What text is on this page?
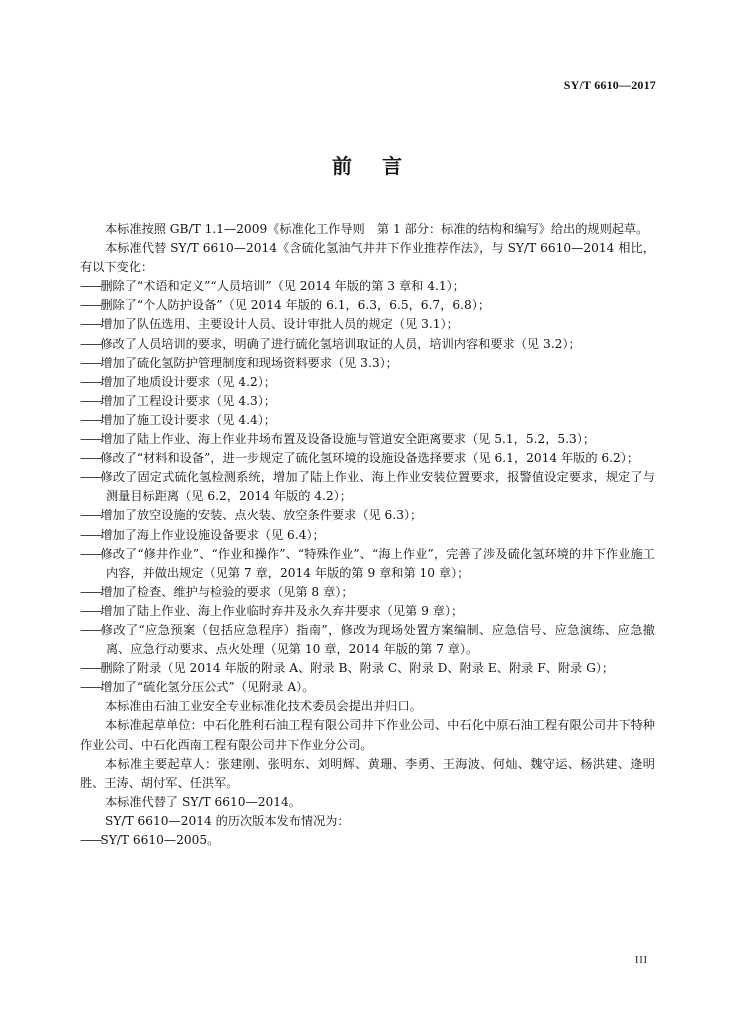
SY/T 6610—2017
前言

本标准按照 GB/T 1.1—2009《标准化工作导则　第 1 部分：标准的结构和编写》给出的规则起草。

本标准代替 SY/T 6610—2014《含硫化氢油气井井下作业推荐作法》，与 SY/T 6610—2014 相比，有以下变化：

——删除了“术语和定义”“人员培训”（见 2014 年版的第 3 章和 4.1）；

——删除了“个人防护设备”（见 2014 年版的 6.1，6.3，6.5，6.7，6.8）；

——增加了队伍选用、主要设计人员、设计审批人员的规定（见 3.1）；

——修改了人员培训的要求，明确了进行硫化氢培训取证的人员，培训内容和要求（见 3.2）；

——增加了硫化氢防护管理制度和现场资料要求（见 3.3）；

——增加了地质设计要求（见 4.2）；

——增加了工程设计要求（见 4.3）；

——增加了施工设计要求（见 4.4）；

——增加了陆上作业、海上作业井场布置及设备设施与管道安全距离要求（见 5.1，5.2，5.3）；

——修改了“材料和设备”，进一步规定了硫化氢环境的设施设备选择要求（见 6.1，2014 年版的 6.2）；

——修改了固定式硫化氢检测系统，增加了陆上作业、海上作业安装位置要求，报警值设定要求，规定了与测量目标距离（见 6.2，2014 年版的 4.2）；

——增加了放空设施的安装、点火装、放空条件要求（见 6.3）；

——增加了海上作业设施设备要求（见 6.4）；

——修改了“修井作业”、“作业和操作”、“特殊作业”、“海上作业”，完善了涉及硫化氢环境的井下作业施工内容，并做出规定（见第 7 章，2014 年版的第 9 章和第 10 章）；

——增加了检查、维护与检验的要求（见第 8 章）；

——增加了陆上作业、海上作业临时弃井及永久弃井要求（见第 9 章）；

——修改了“应急预案（包括应急程序）指南”，修改为现场处置方案编制、应急信号、应急演练、应急撤离、应急行动要求、点火处理（见第 10 章，2014 年版的第 7 章）。

——删除了附录（见 2014 年版的附录 A、附录 B、附录 C、附录 D、附录 E、附录 F、附录 G）；

——增加了“硫化氢分压公式”（见附录 A）。

本标准由石油工业安全专业标准化技术委员会提出并归口。

本标准起草单位：中石化胜利石油工程有限公司井下作业公司、中石化中原石油工程有限公司井下特种作业公司、中石化西南工程有限公司井下作业分公司。

本标准主要起草人：张建刚、张明东、刘明辉、黄珊、李勇、王海波、何灿、魏守运、杨洪建、逄明胜、王涛、胡付军、任洪军。

本标准代替了 SY/T 6610—2014。

SY/T 6610—2014 的历次版本发布情况为：

——SY/T 6610—2005。

III
